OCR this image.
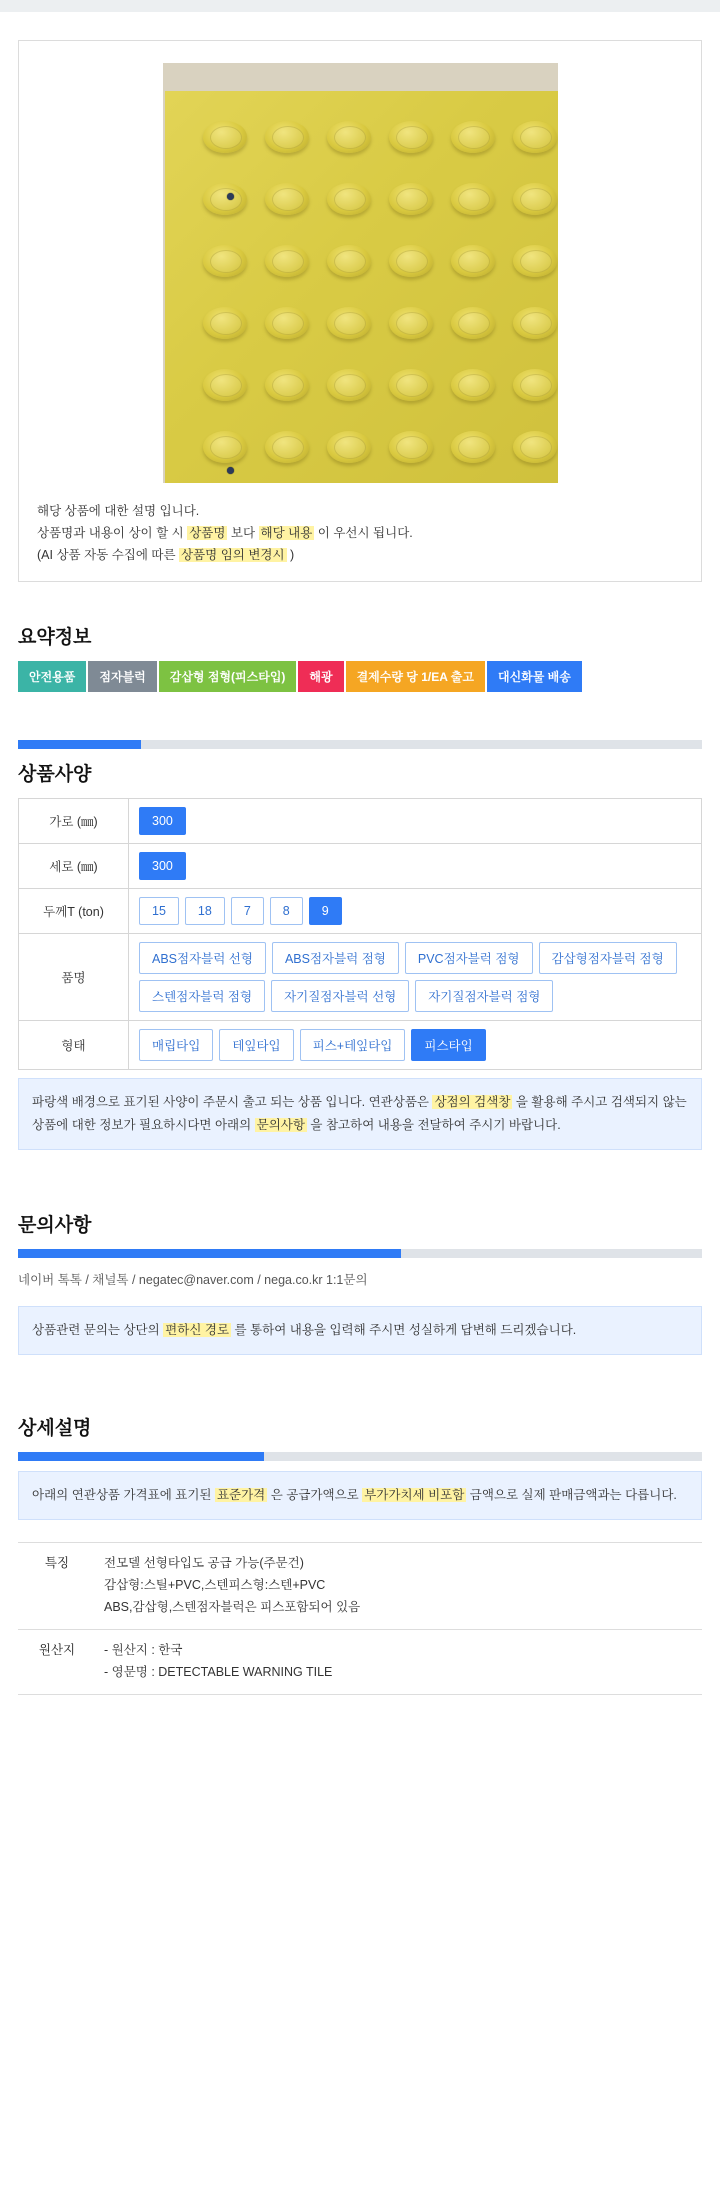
해당 상품에 대한 설명 입니다.
상품명과 내용이 상이 할 시 상품명 보다 해당 내용 이 우선시 됩니다.
(AI 상품 자동 수집에 따른 상품명 임의 변경시 )
요약정보
안전용품	점자블럭	감삽형 점형(피스타입)	해광	결제수량 당 1/EA 출고	대신화물 배송
상품사양
가로 (㎜)	300

세로 (㎜)	300

두께T (ton)	15 18 7 8 9

품명	
ABS점자블럭 선형	ABS점자블럭 점형	PVC점자블럭 점형	감삽형점자블럭 점형
스텐점자블럭 점형	자기질점자블럭 선형	자기질점자블럭 점형

형태	매립타입 테잎타입 피스+테잎타입 피스타입
파랑색 배경으로 표기된 사양이 주문시 출고 되는 상품 입니다. 연관상품은 상점의 검색창 을 활용해 주시고 검색되지 않는 상품에 대한 정보가 필요하시다면 아래의 문의사항 을 참고하여 내용을 전달하여 주시기 바랍니다.
문의사항
네이버 톡톡 / 채널톡 / negatec@naver.com / nega.co.kr 1:1문의
상품관련 문의는 상단의 편하신 경로 를 통하여 내용을 입력해 주시면 성실하게 답변해 드리겠습니다.
상세설명
아래의 연관상품 가격표에 표기된 표준가격 은 공급가액으로 부가가치세 비포함 금액으로 실제 판매금액과는 다릅니다.
특징	전모델 선형타입도 공급 가능(주문건)
감삽형:스틸+PVC,스텐피스형:스텐+PVC
ABS,감삽형,스텐점자블럭은 피스포함되어 있음

원산지	- 원산지 : 한국
- 영문명 : DETECTABLE WARNING TILE
